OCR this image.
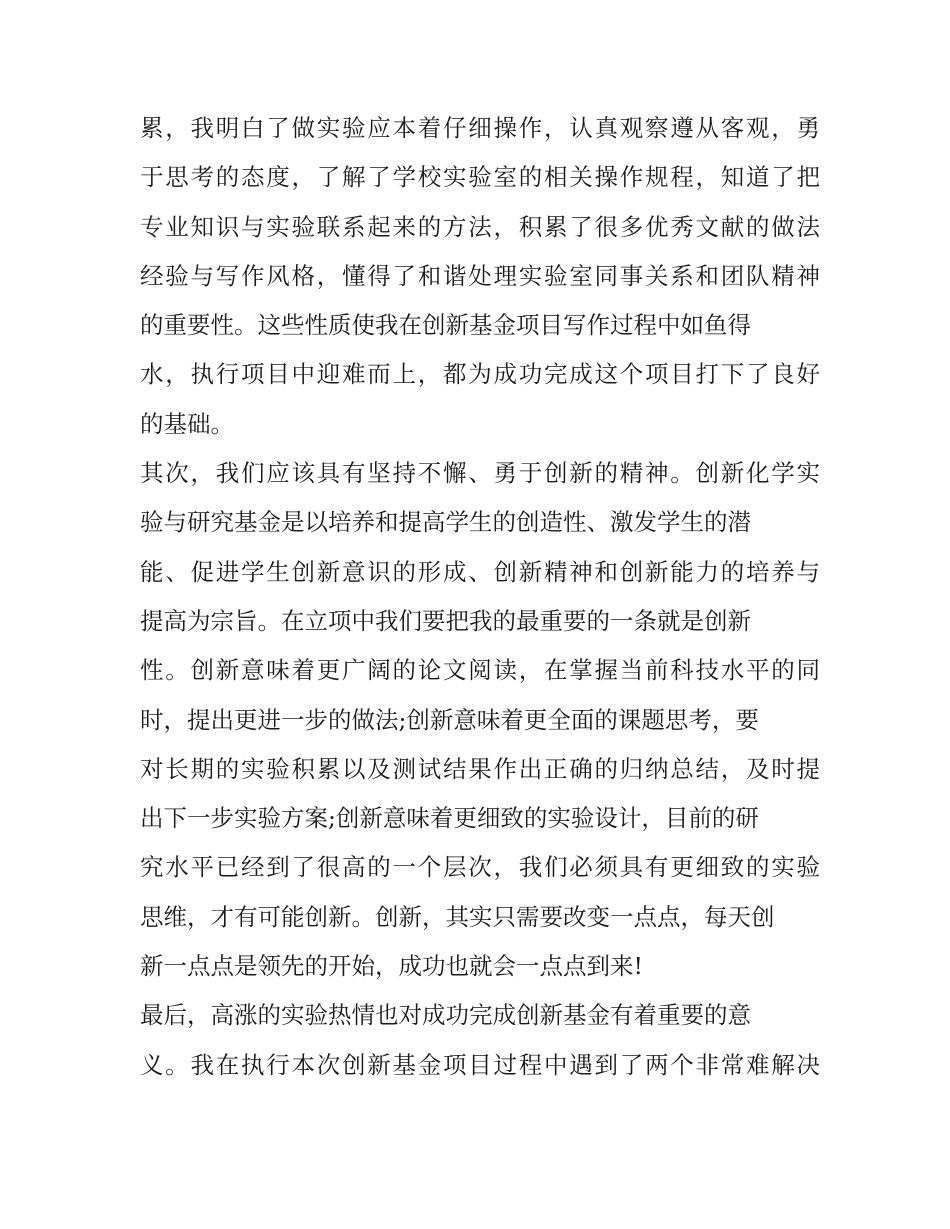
累，我明白了做实验应本着仔细操作，认真观察遵从客观，勇
于思考的态度，了解了学校实验室的相关操作规程，知道了把
专业知识与实验联系起来的方法，积累了很多优秀文献的做法
经验与写作风格，懂得了和谐处理实验室同事关系和团队精神
的重要性。这些性质使我在创新基金项目写作过程中如鱼得
水，执行项目中迎难而上，都为成功完成这个项目打下了良好
的基础。
其次，我们应该具有坚持不懈、勇于创新的精神。创新化学实
验与研究基金是以培养和提高学生的创造性、激发学生的潜
能、促进学生创新意识的形成、创新精神和创新能力的培养与
提高为宗旨。在立项中我们要把我的最重要的一条就是创新
性。创新意味着更广阔的论文阅读，在掌握当前科技水平的同
时，提出更进一步的做法;创新意味着更全面的课题思考，要
对长期的实验积累以及测试结果作出正确的归纳总结，及时提
出下一步实验方案;创新意味着更细致的实验设计，目前的研
究水平已经到了很高的一个层次，我们必须具有更细致的实验
思维，才有可能创新。创新，其实只需要改变一点点，每天创
新一点点是领先的开始，成功也就会一点点到来!
最后，高涨的实验热情也对成功完成创新基金有着重要的意
义。我在执行本次创新基金项目过程中遇到了两个非常难解决
